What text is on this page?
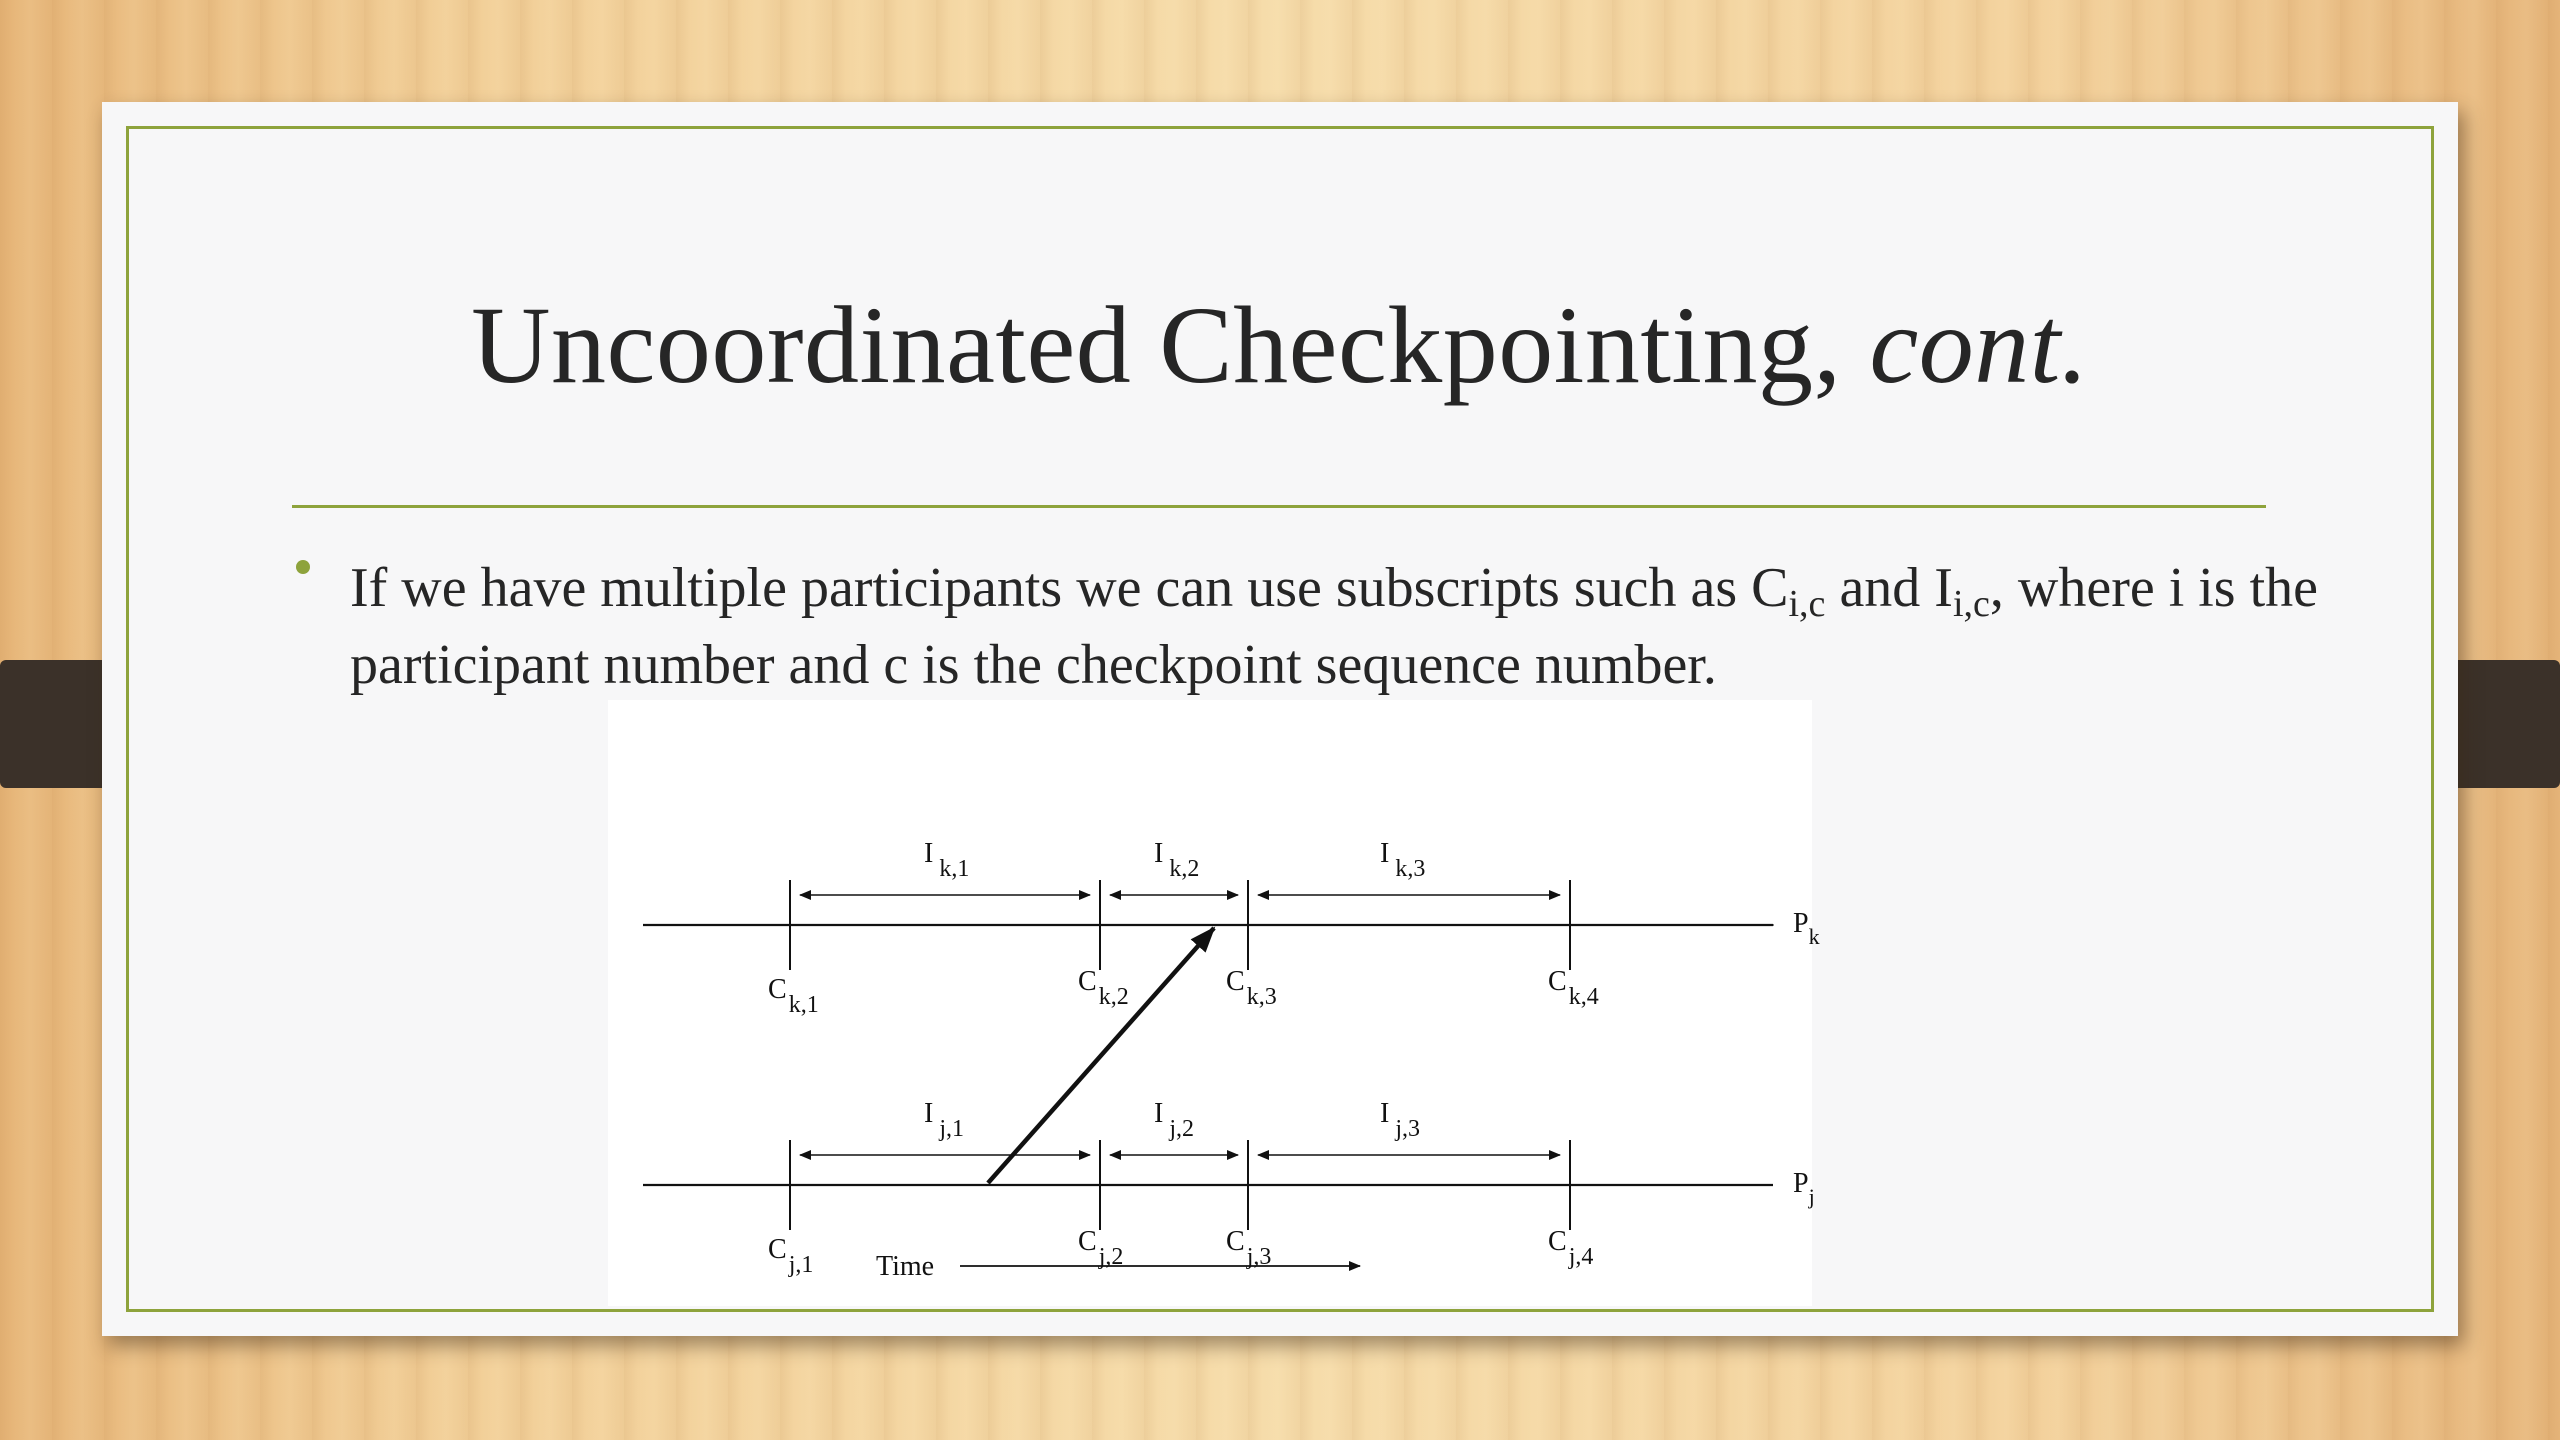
Uncoordinated Checkpointing, cont.
If we have multiple participants we can use subscripts such as $C_{i,c}$ and $I_{i,c}$, where i is the participant number and c is the checkpoint sequence number.
$P_k$
$P_j$
I k,1	I k,2	I k,3
I j,1	I j,2	I j,3
Ck,1
Ck,2	Ck,3	Ck,4
Cj,1
Cj,2	Cj,3	Cj,4
Time
